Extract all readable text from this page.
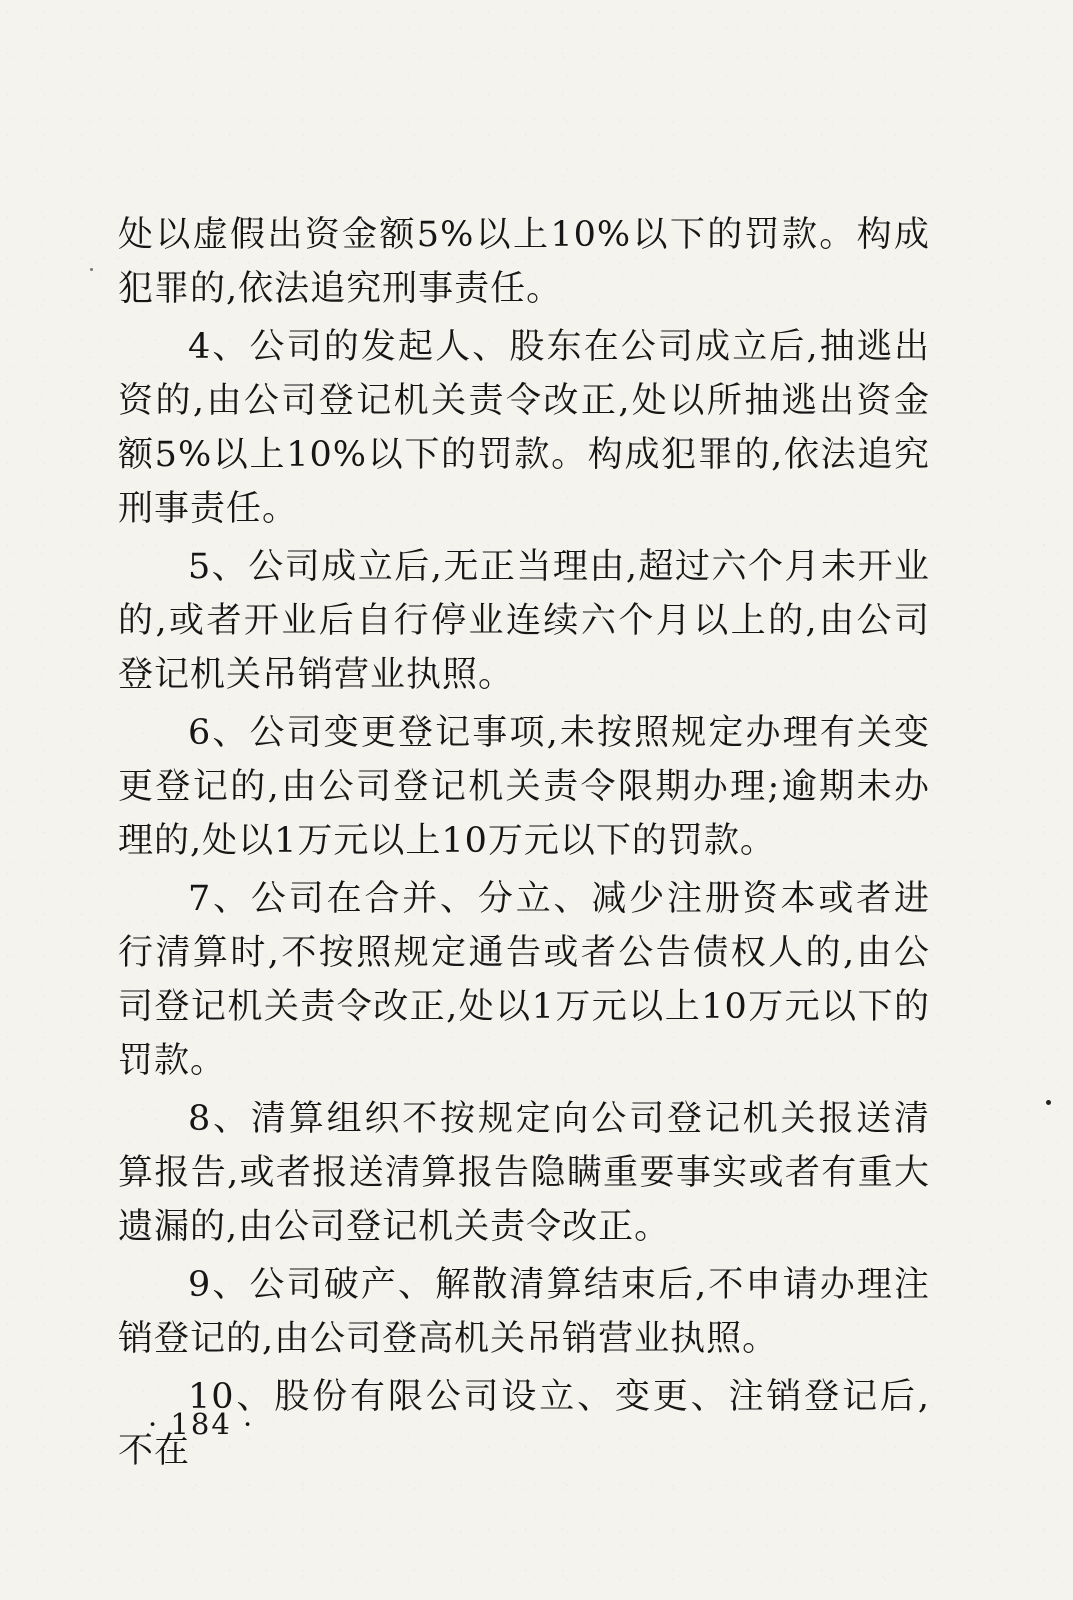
处以虚假出资金额5%以上10%以下的罚款。构成犯罪的,依法追究刑事责任。

4、公司的发起人、股东在公司成立后,抽逃出资的,由公司登记机关责令改正,处以所抽逃出资金额5%以上10%以下的罚款。构成犯罪的,依法追究刑事责任。

5、公司成立后,无正当理由,超过六个月未开业的,或者开业后自行停业连续六个月以上的,由公司登记机关吊销营业执照。

6、公司变更登记事项,未按照规定办理有关变更登记的,由公司登记机关责令限期办理;逾期未办理的,处以1万元以上10万元以下的罚款。

7、公司在合并、分立、减少注册资本或者进行清算时,不按照规定通告或者公告债权人的,由公司登记机关责令改正,处以1万元以上10万元以下的罚款。

8、清算组织不按规定向公司登记机关报送清算报告,或者报送清算报告隐瞒重要事实或者有重大遗漏的,由公司登记机关责令改正。

9、公司破产、解散清算结束后,不申请办理注销登记的,由公司登高机关吊销营业执照。

10、股份有限公司设立、变更、注销登记后,不在

· 184 ·
